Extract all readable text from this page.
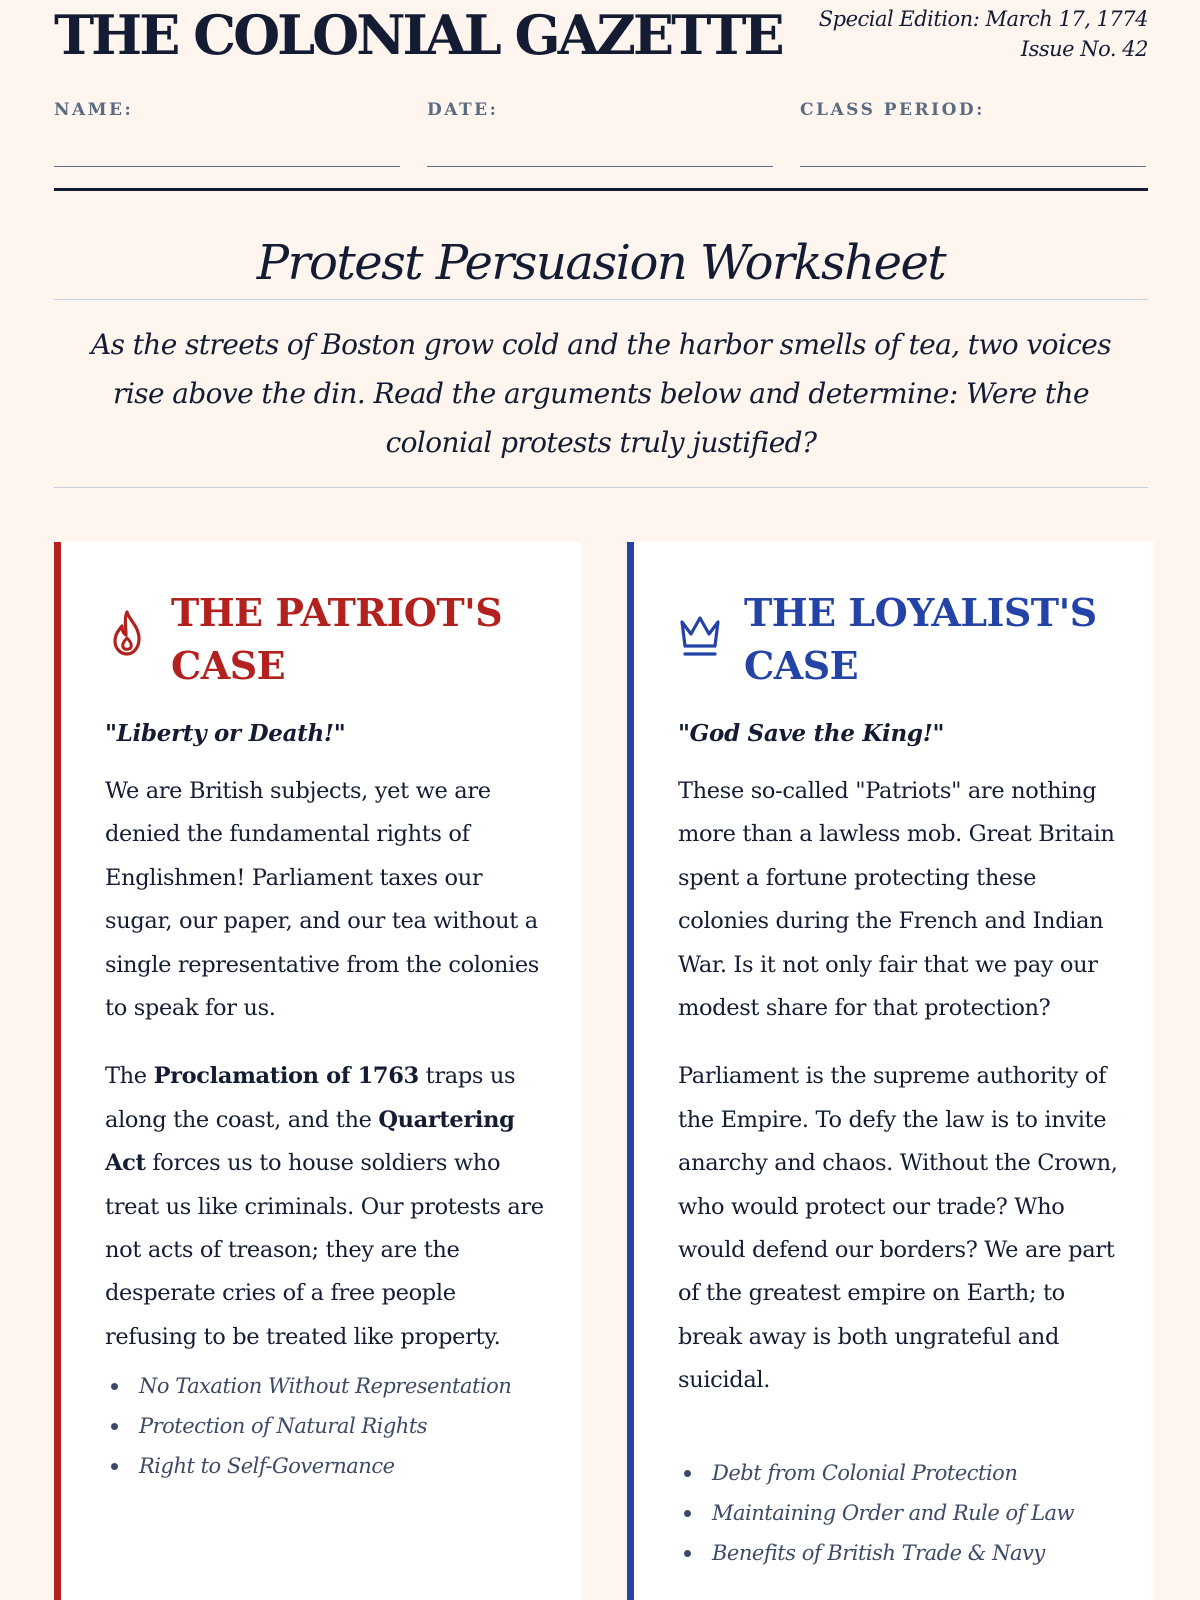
THE COLONIAL GAZETTE Special Edition: March 17, 1774
Issue No. 42
NAME:	DATE:	CLASS PERIOD:
Protest Persuasion Worksheet
As the streets of Boston grow cold and the harbor smells of tea, two voices rise above the din. Read the arguments below and determine: Were the colonial protests truly justified?
THE PATRIOT'S CASE
"Liberty or Death!"

We are British subjects, yet we are denied the fundamental rights of Englishmen! Parliament taxes our sugar, our paper, and our tea without a single representative from the colonies to speak for us.

The Proclamation of 1763 traps us along the coast, and the Quartering Act forces us to house soldiers who treat us like criminals. Our protests are not acts of treason; they are the desperate cries of a free people refusing to be treated like property.

No Taxation Without Representation
Protection of Natural Rights
Right to Self-Governance
THE LOYALIST'S CASE
"God Save the King!"

These so-called "Patriots" are nothing more than a lawless mob. Great Britain spent a fortune protecting these colonies during the French and Indian War. Is it not only fair that we pay our modest share for that protection?

Parliament is the supreme authority of the Empire. To defy the law is to invite anarchy and chaos. Without the Crown, who would protect our trade? Who would defend our borders? We are part of the greatest empire on Earth; to break away is both ungrateful and suicidal.

Debt from Colonial Protection
Maintaining Order and Rule of Law
Benefits of British Trade & Navy
